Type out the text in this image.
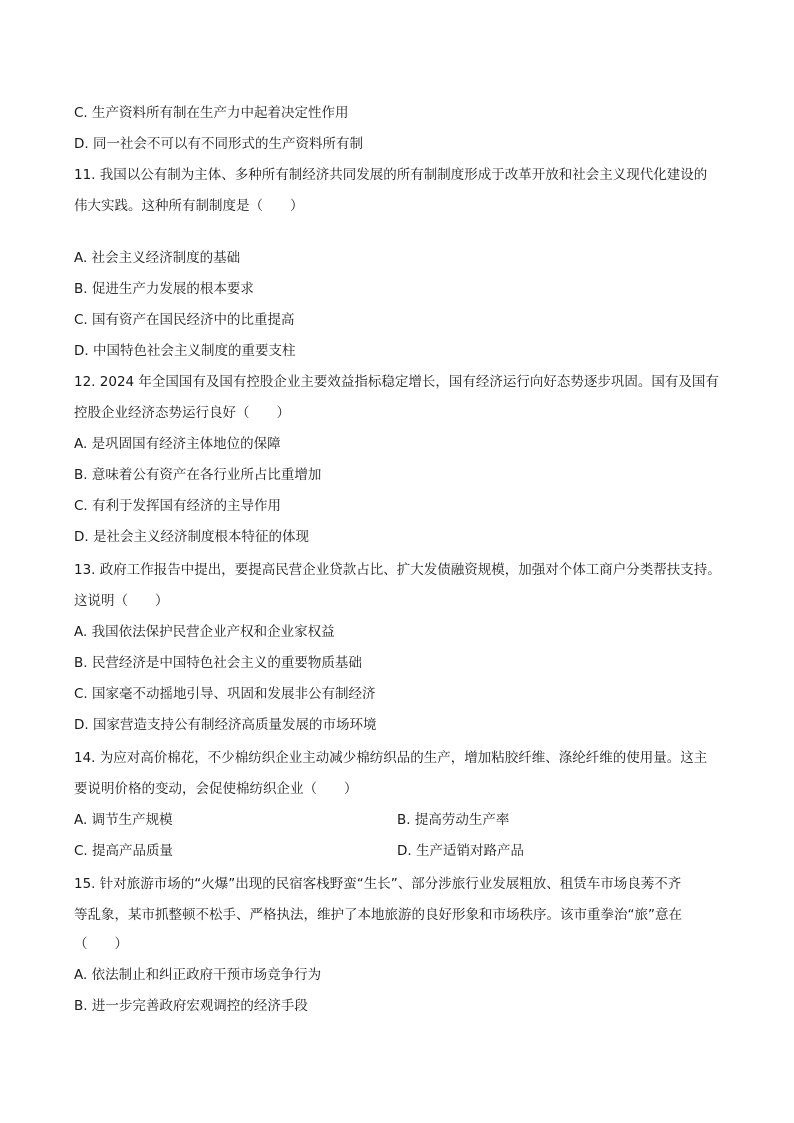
C. 生产资料所有制在生产力中起着决定性作用
D. 同一社会不可以有不同形式的生产资料所有制
11. 我国以公有制为主体、多种所有制经济共同发展的所有制制度形成于改革开放和社会主义现代化建设的
伟大实践。这种所有制制度是（　　）
A. 社会主义经济制度的基础
B. 促进生产力发展的根本要求
C. 国有资产在国民经济中的比重提高
D. 中国特色社会主义制度的重要支柱
12. 2024 年全国国有及国有控股企业主要效益指标稳定增长，国有经济运行向好态势逐步巩固。国有及国有
控股企业经济态势运行良好（　　）
A. 是巩固国有经济主体地位的保障
B. 意味着公有资产在各行业所占比重增加
C. 有利于发挥国有经济的主导作用
D. 是社会主义经济制度根本特征的体现
13. 政府工作报告中提出，要提高民营企业贷款占比、扩大发债融资规模，加强对个体工商户分类帮扶支持。
这说明（　　）
A. 我国依法保护民营企业产权和企业家权益
B. 民营经济是中国特色社会主义的重要物质基础
C. 国家毫不动摇地引导、巩固和发展非公有制经济
D. 国家营造支持公有制经济高质量发展的市场环境
14. 为应对高价棉花，不少棉纺织企业主动减少棉纺织品的生产，增加粘胶纤维、涤纶纤维的使用量。这主
要说明价格的变动，会促使棉纺织企业（　　）
A. 调节生产规模	B. 提高劳动生产率
C. 提高产品质量	D. 生产适销对路产品
15. 针对旅游市场的“火爆”出现的民宿客栈野蛮“生长”、部分涉旅行业发展粗放、租赁车市场良莠不齐
等乱象，某市抓整顿不松手、严格执法，维护了本地旅游的良好形象和市场秩序。该市重拳治“旅”意在
（　　）
A. 依法制止和纠正政府干预市场竞争行为
B. 进一步完善政府宏观调控的经济手段
